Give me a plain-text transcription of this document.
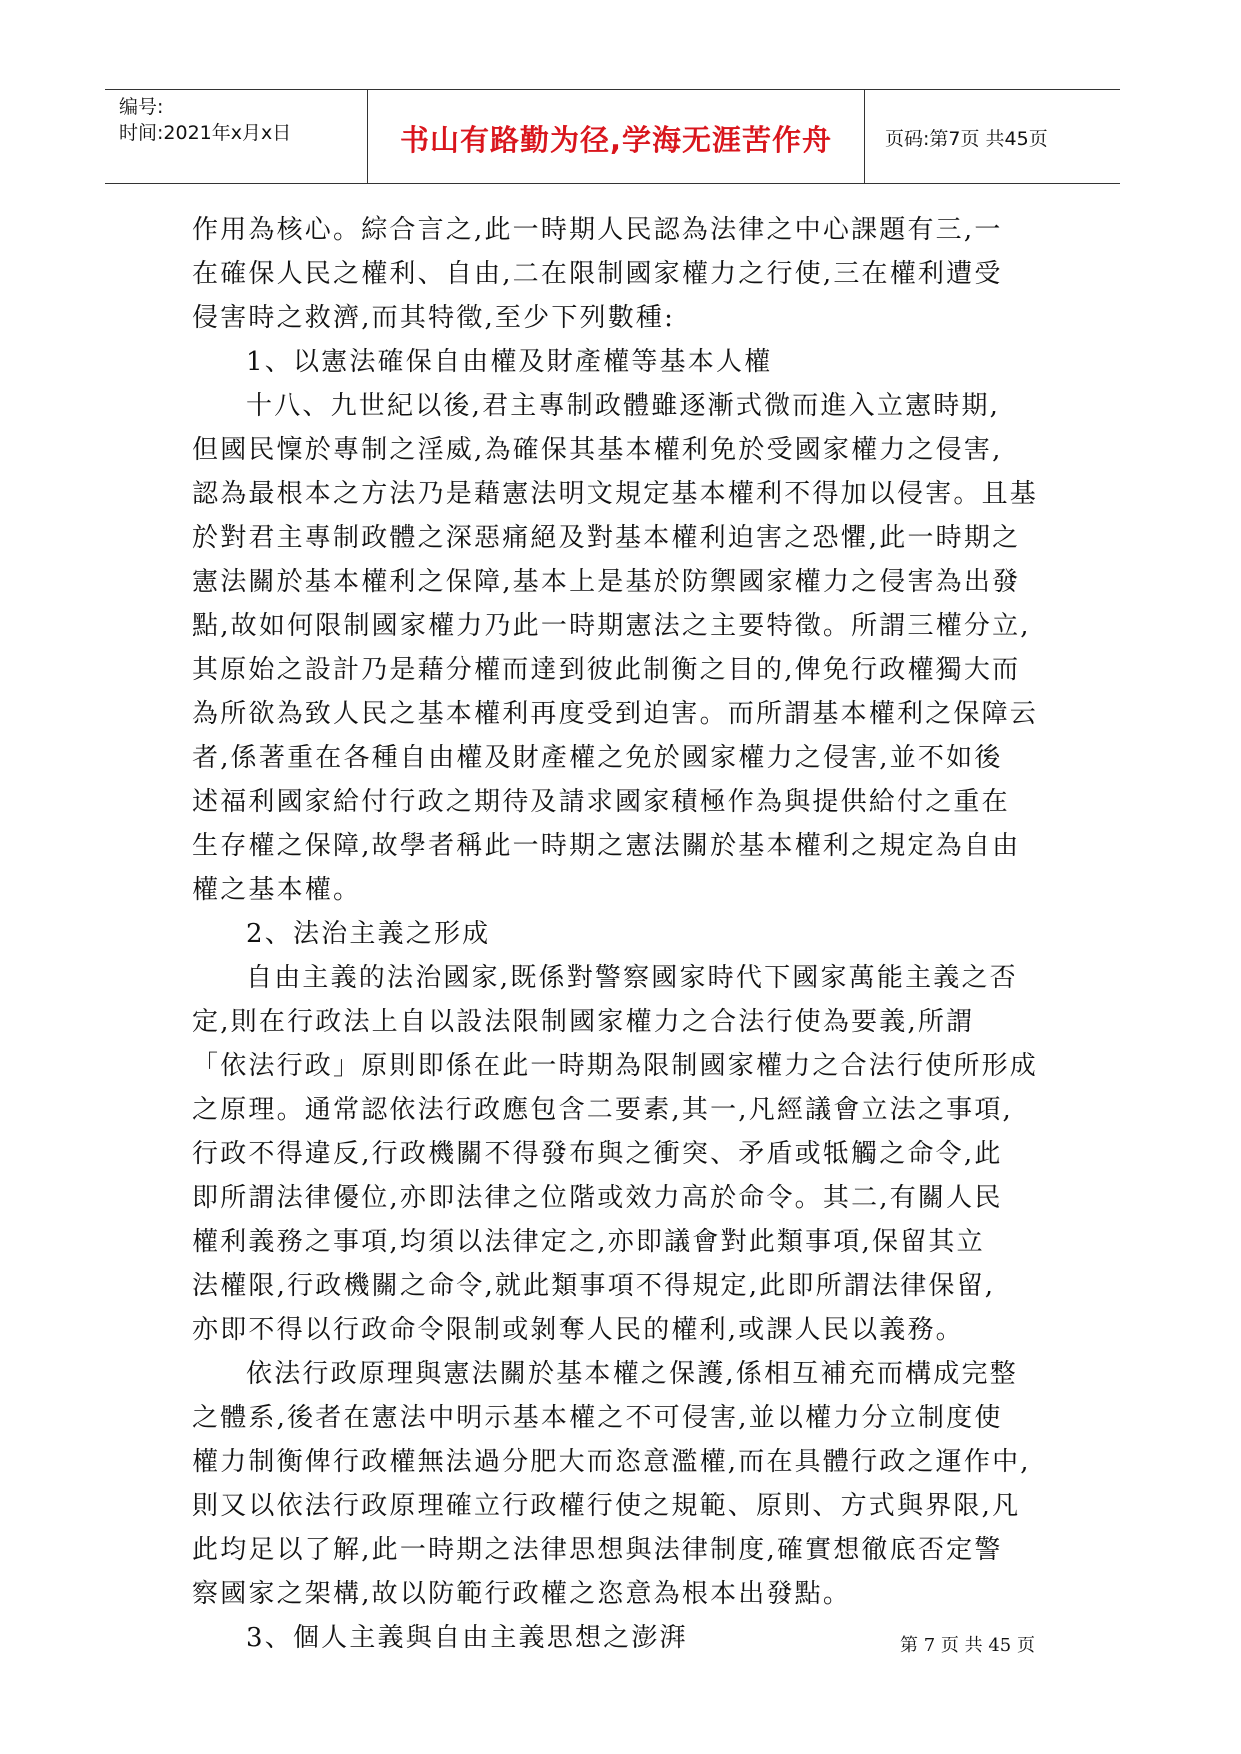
编号:
时间:2021年x月x日	书山有路勤为径,学海无涯苦作舟	页码:第7页 共45页
作用為核心。綜合言之,此一時期人民認為法律之中心課題有三,一
在確保人民之權利、自由,二在限制國家權力之行使,三在權利遭受
侵害時之救濟,而其特徵,至少下列數種:
1、以憲法確保自由權及財產權等基本人權
十八、九世紀以後,君主專制政體雖逐漸式微而進入立憲時期,
但國民懍於專制之淫威,為確保其基本權利免於受國家權力之侵害,
認為最根本之方法乃是藉憲法明文規定基本權利不得加以侵害。且基
於對君主專制政體之深惡痛絕及對基本權利迫害之恐懼,此一時期之
憲法關於基本權利之保障,基本上是基於防禦國家權力之侵害為出發
點,故如何限制國家權力乃此一時期憲法之主要特徵。所謂三權分立,
其原始之設計乃是藉分權而達到彼此制衡之目的,俾免行政權獨大而
為所欲為致人民之基本權利再度受到迫害。而所謂基本權利之保障云
者,係著重在各種自由權及財產權之免於國家權力之侵害,並不如後
述福利國家給付行政之期待及請求國家積極作為與提供給付之重在
生存權之保障,故學者稱此一時期之憲法關於基本權利之規定為自由
權之基本權。
2、法治主義之形成
自由主義的法治國家,既係對警察國家時代下國家萬能主義之否
定,則在行政法上自以設法限制國家權力之合法行使為要義,所謂
「依法行政」原則即係在此一時期為限制國家權力之合法行使所形成
之原理。通常認依法行政應包含二要素,其一,凡經議會立法之事項,
行政不得違反,行政機關不得發布與之衝突、矛盾或牴觸之命令,此
即所謂法律優位,亦即法律之位階或效力高於命令。其二,有關人民
權利義務之事項,均須以法律定之,亦即議會對此類事項,保留其立
法權限,行政機關之命令,就此類事項不得規定,此即所謂法律保留,
亦即不得以行政命令限制或剝奪人民的權利,或課人民以義務。
依法行政原理與憲法關於基本權之保護,係相互補充而構成完整
之體系,後者在憲法中明示基本權之不可侵害,並以權力分立制度使
權力制衡俾行政權無法過分肥大而恣意濫權,而在具體行政之運作中,
則又以依法行政原理確立行政權行使之規範、原則、方式與界限,凡
此均足以了解,此一時期之法律思想與法律制度,確實想徹底否定警
察國家之架構,故以防範行政權之恣意為根本出發點。
3、個人主義與自由主義思想之澎湃	第 7 页 共 45 页
